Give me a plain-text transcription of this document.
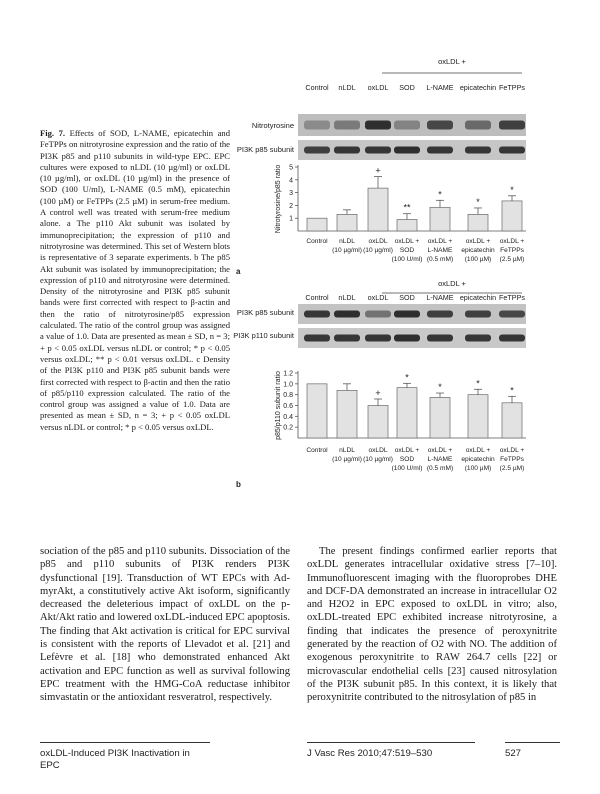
Fig. 7. Effects of SOD, L-NAME, epicatechin and FeTPPs on nitrotyrosine expression and the ratio of the PI3K p85 and p110 subunits in wild-type EPC. EPC cultures were exposed to nLDL (10 µg/ml) or oxLDL (10 µg/ml), or oxLDL (10 µg/ml) in the presence of SOD (100 U/ml), L-NAME (0.5 mM), epicatechin (100 µM) or FeTPPs (2.5 µM) in serum-free medium. A control well was treated with serum-free medium alone. a The p110 Akt subunit was isolated by immunoprecipitation; the expression of p110 and nitrotyrosine was determined. This set of Western blots is representative of 3 separate experiments. b The p85 Akt subunit was isolated by immunoprecipitation; the expression of p110 and nitrotyrosine were determined. Density of the nitrotyrosine and PI3K p85 subunit bands were first corrected with respect to β-actin and then the ratio of nitrotyrosine/p85 expression calculated. The ratio of the control group was assigned a value of 1.0. Data are presented as mean ± SD, n = 3; + p < 0.05 oxLDL versus nLDL or control; * p < 0.05 versus oxLDL; ** p < 0.01 versus oxLDL. c Density of the PI3K p110 and PI3K p85 subunit bands were first corrected with respect to β-actin and then the ratio of p85/p110 expression calculated. The ratio of the control group was assigned a value of 1.0. Data are presented as mean ± SD, n = 3; + p < 0.05 oxLDL versus nLDL or control; * p < 0.05 versus oxLDL.
oxLDL +
Control nLDL oxLDL SOD L-NAME epicatechin FeTPPs
Nitrotyrosine
PI3K p85 subunit
1
2
3
4
5
Nitrotyrosine/p85 ratio	+
**
*
*
*
Control nLDL
(10 µg/ml)
oxLDL
(10 µg/ml)
oxLDL +
SOD
(100 U/ml)
oxLDL +
L-NAME
(0.5 mM)
oxLDL +
epicatechin
(100 µM)
oxLDL +
FeTPPs
(2.5 µM)
a
oxLDL +
Control nLDL oxLDL SOD L-NAME epicatechin FeTPPs
PI3K p85 subunit
PI3K p110 subunit
0.2
0.4
0.6
0.8
1.0
1.2
p85/p110 subunit ratio	+
*
*	*
*
Control nLDL
(10 µg/ml)
oxLDL
(10 µg/ml)
oxLDL +
SOD
(100 U/ml)
oxLDL +
L-NAME
(0.5 mM)
oxLDL +
epicatechin
(100 µM)
oxLDL +
FeTPPs
(2.5 µM)
b
sociation of the p85 and p110 subunits. Dissociation of the p85 and p110 subunits of PI3K renders PI3K dysfunctional [19]. Transduction of WT EPCs with Ad-myrAkt, a constitutively active Akt isoform, significantly decreased the deleterious impact of oxLDL on the p-Akt/Akt ratio and lowered oxLDL-induced EPC apoptosis. The finding that Akt activation is critical for EPC survival is consistent with the reports of Llevadot et al. [21] and Lefèvre et al. [18] who demonstrated enhanced Akt activation and EPC function as well as survival following EPC treatment with the HMG-CoA reductase inhibitor simvastatin or the antioxidant resveratrol, respectively.
The present findings confirmed earlier reports that oxLDL generates intracellular oxidative stress [7–10]. Immunofluorescent imaging with the fluoroprobes DHE and DCF-DA demonstrated an increase in intracellular O2 and H2O2 in EPC exposed to oxLDL in vitro; also, oxLDL-treated EPC exhibited increase nitrotyrosine, a finding that indicates the presence of peroxynitrite generated by the reaction of O2 with NO. The addition of exogenous peroxynitrite to RAW 264.7 cells [22] or microvascular endothelial cells [23] caused nitrosylation of the PI3K subunit p85. In this context, it is likely that peroxynitrite contributed to the nitrosylation of p85 in
oxLDL-Induced PI3K Inactivation in
EPC
J Vasc Res 2010;47:519–530	527
